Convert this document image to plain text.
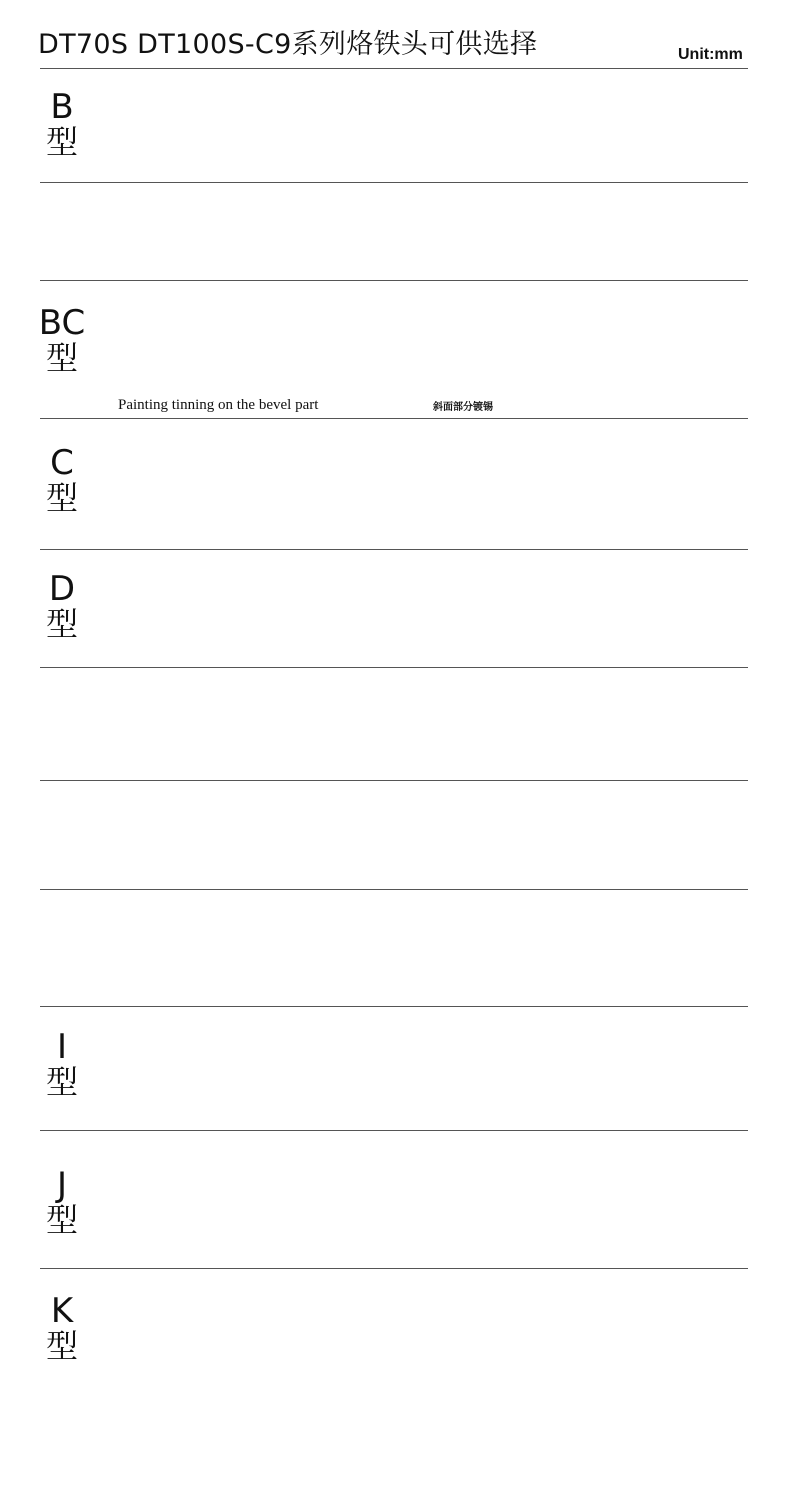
DT70S DT100S-C9系列烙铁头可供选择	Unit:mm
B
型
BC
型
C
型
D
型
I
型
J
型
K
型
Painting tinning on the bevel part	斜面部分镀锡
